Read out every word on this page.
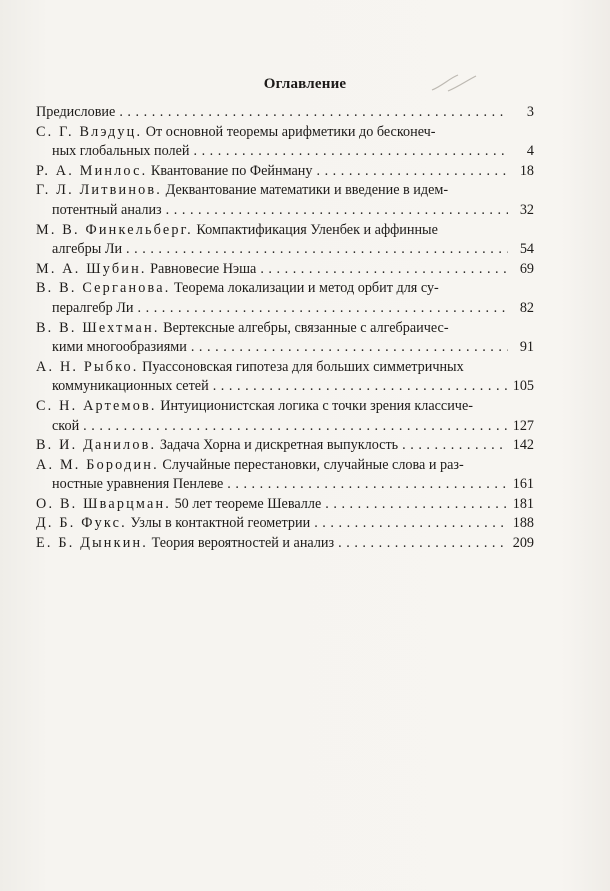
Оглавление
Предисловие . . .	3
С. Г. Влэдуц. От основной теоремы арифметики до бесконеч-
ных глобальных полей . . .	4
Р. А. Минлос. Квантование по Фейнману . . .	18
Г. Л. Литвинов. Деквантование математики и введение в идем-
потентный анализ . . .	32
М. В. Финкельберг. Компактификация Уленбек и аффинные
алгебры Ли . . .	54
М. А. Шубин. Равновесие Нэша . . .	69
В. В. Серганова. Теорема локализации и метод орбит для су-
пералгебр Ли . . .	82
В. В. Шехтман. Вертексные алгебры, связанные с алгебраичес-
кими многообразиями . . .	91
А. Н. Рыбко. Пуассоновская гипотеза для больших симметричных
коммуникационных сетей . . .	105
С. Н. Артемов. Интуиционистская логика с точки зрения классиче-
ской . . .	127
В. И. Данилов. Задача Хорна и дискретная выпуклость . . .	142
А. М. Бородин. Случайные перестановки, случайные слова и раз-
ностные уравнения Пенлеве . . .	161
О. В. Шварцман. 50 лет теореме Шевалле . . .	181
Д. Б. Фукс. Узлы в контактной геометрии . . .	188
Е. Б. Дынкин. Теория вероятностей и анализ . . .	209
